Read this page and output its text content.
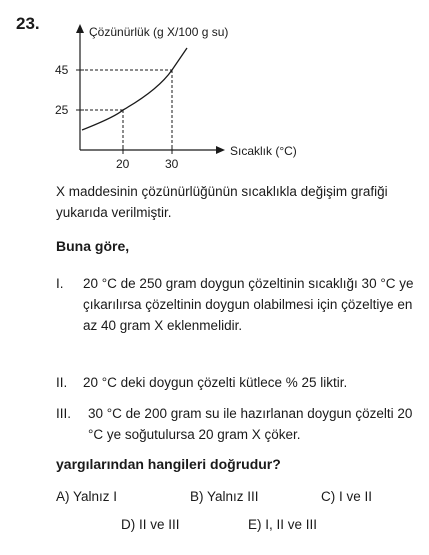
23.	Çözünürlük (g X/100 g su)
Sıcaklık (°C)
45
25
20	30
X maddesinin çözünürlüğünün sıcaklıkla değişim grafiği yukarıda verilmiştir.
Buna göre,
I.	20 °C de 250 gram doygun çözeltinin sıcaklığı 30 °C ye çıkarılırsa çözeltinin doygun olabilmesi için çözeltiye en az 40 gram X eklenmelidir.
II.	20 °C deki doygun çözelti kütlece % 25 liktir.
III.	30 °C de 200 gram su ile hazırlanan doygun çözelti 20 °C ye soğutulursa 20 gram X çöker.
yargılarından hangileri doğrudur?
A) Yalnız I	B) Yalnız III	C) I ve II
D) II ve III	E) I, II ve III
